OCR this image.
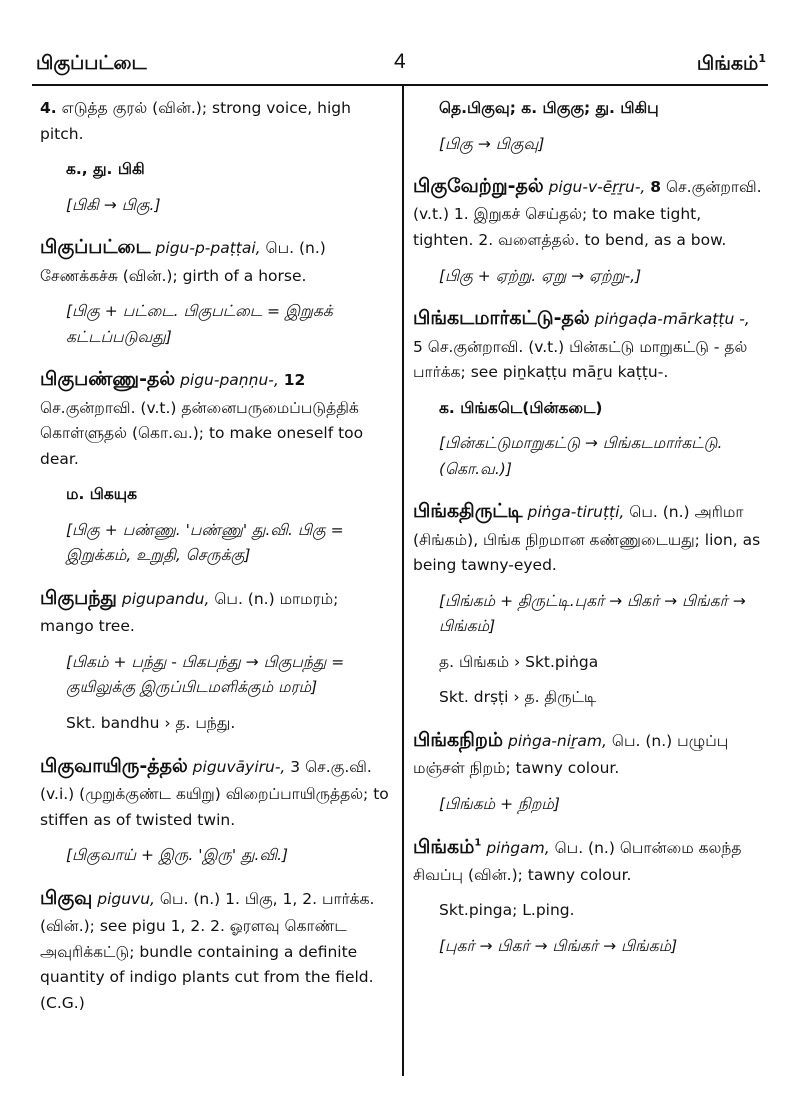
பிகுப்பட்டை	4	பிங்கம்$^1$
4. எடுத்த குரல் (வின்.); strong voice, high pitch.
க., து. பிகி
[பிகி → பிகு.]
பிகுப்பட்டை pigu-p-paṭṭai, பெ. (n.) சேணக்கச்சு (வின்.); girth of a horse.
[பிகு + பட்டை. பிகுபட்டை = இறுகக் கட்டப்படுவது]
பிகுபண்ணு-தல் pigu-paṇṇu-, 12 செ.குன்றாவி. (v.t.) தன்னைபருமைப்படுத்திக் கொள்ளுதல் (கொ.வ.); to make oneself too dear.
ம. பிகயுக
[பிகு + பண்ணு. 'பண்ணு' து.வி. பிகு = இறுக்கம், உறுதி, செருக்கு]
பிகுபந்து pigupandu, பெ. (n.) மாமரம்; mango tree.
[பிகம் + பந்து - பிகபந்து → பிகுபந்து = குயிலுக்கு இருப்பிடமளிக்கும் மரம்]
Skt. bandhu › த. பந்து.
பிகுவாயிரு-த்தல் piguvāyiru-, 3 செ.கு.வி. (v.i.) (முறுக்குண்ட கயிறு) விறைப்பாயிருத்தல்; to stiffen as of twisted twin.
[பிகுவாய் + இரு. 'இரு' து.வி.]
பிகுவு piguvu, பெ. (n.) 1. பிகு, 1, 2. பார்க்க. (வின்.); see pigu 1, 2. 2. ஓரளவு கொண்ட அவுரிக்கட்டு; bundle containing a definite quantity of indigo plants cut from the field. (C.G.)
தெ.பிகுவு; க. பிகுகு; து. பிகிபு
[பிகு → பிகுவு]
பிகுவேற்று-தல் pigu-v-ēṟṟu-, 8 செ.குன்றாவி. (v.t.) 1. இறுகச் செய்தல்; to make tight, tighten. 2. வளைத்தல். to bend, as a bow.
[பிகு + ஏற்று. ஏறு → ஏற்று-,]
பிங்கடமார்கட்டு-தல் piṅgaḍa-mārkaṭṭu -, 5 செ.குன்றாவி. (v.t.) பின்கட்டு மாறுகட்டு - தல் பார்க்க; see piṉkaṭṭu māṟu kaṭṭu-.
க. பிங்கடெ(பின்கடை)
[பின்கட்டுமாறுகட்டு → பிங்கடமார்கட்டு. (கொ.வ.)]
பிங்கதிருட்டி piṅga-tiruṭṭi, பெ. (n.) அரிமா (சிங்கம்), பிங்க நிறமான கண்ணுடையது; lion, as being tawny-eyed.
[பிங்கம் + திருட்டி.புகர் → பிகர் → பிங்கர் → பிங்கம்]
த. பிங்கம் › Skt.piṅga
Skt. drṣṭi › த. திருட்டி
பிங்கநிறம் piṅga-niṟam, பெ. (n.) பழுப்பு மஞ்சள் நிறம்; tawny colour.
[பிங்கம் + நிறம்]
பிங்கம்$^1$ piṅgam, பெ. (n.) பொன்மை கலந்த சிவப்பு (வின்.); tawny colour.
Skt.pinga; L.ping.
[புகர் → பிகர் → பிங்கர் → பிங்கம்]
